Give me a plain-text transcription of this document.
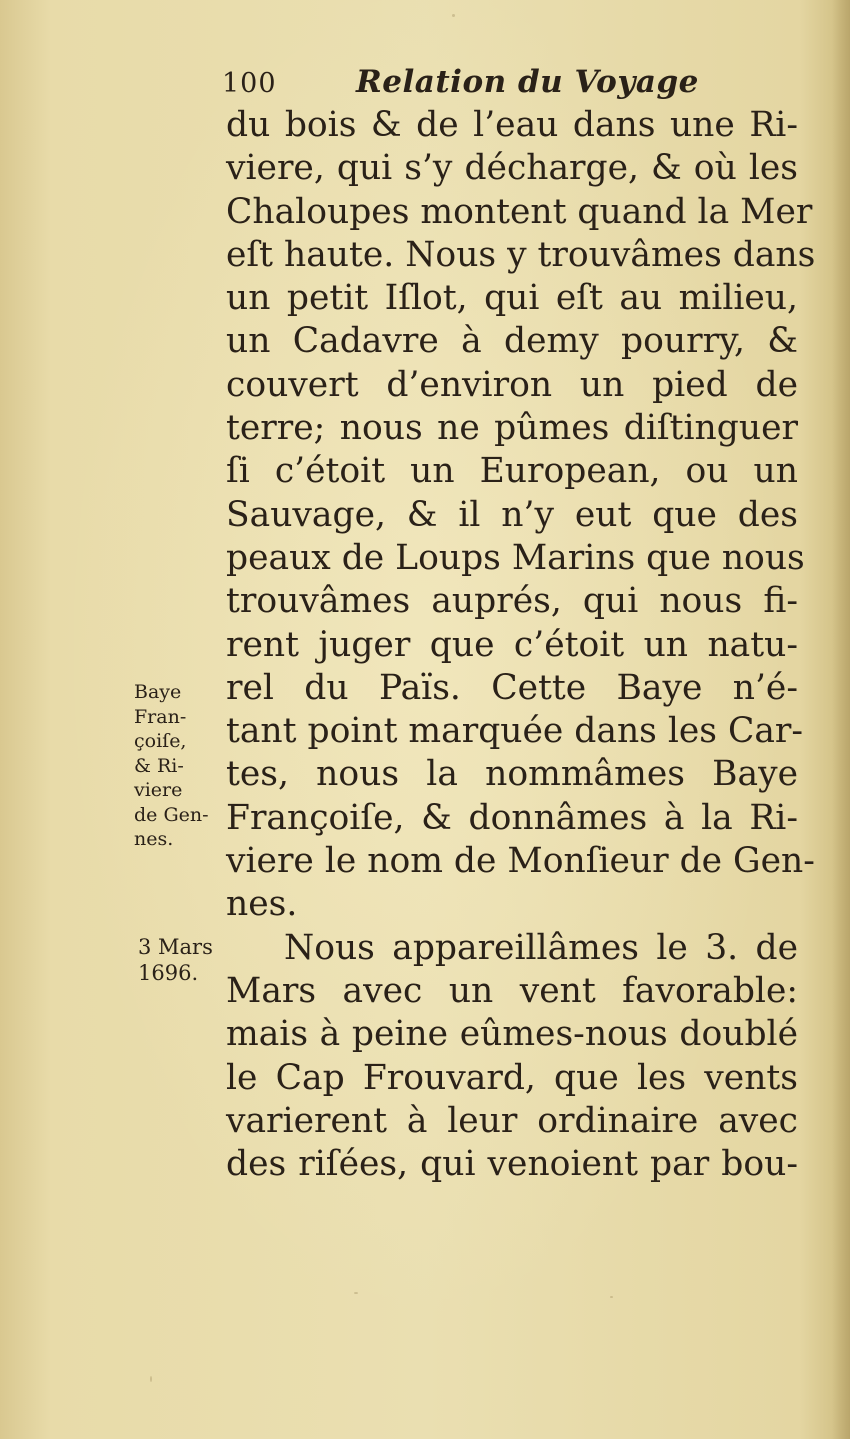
100	Relation du Voyage
du bois & de l’eau dans une Ri-
viere, qui s’y décharge, & où les
Chaloupes montent quand la Mer
eſt haute. Nous y trouvâmes dans
un petit Iſlot, qui eſt au milieu,
un Cadavre à demy pourry, &
couvert d’environ un pied de
terre; nous ne pûmes diſtinguer
ſi c’étoit un European, ou un
Sauvage, & il n’y eut que des
peaux de Loups Marins que nous
trouvâmes auprés, qui nous fi-
rent juger que c’étoit un natu-
rel du Païs. Cette Baye n’é-
tant point marquée dans les Car-
tes, nous la nommâmes Baye
Françoiſe, & donnâmes à la Ri-
viere le nom de Monſieur de Gen-
nes.
Nous appareillâmes le 3. de
Mars avec un vent favorable:
mais à peine eûmes-nous doublé
le Cap Frouvard, que les vents
varierent à leur ordinaire avec
des riſées, qui venoient par bou-
Baye
Fran-
çoiſe,
& Ri-
viere
de Gen-
nes.
3 Mars
1696.
